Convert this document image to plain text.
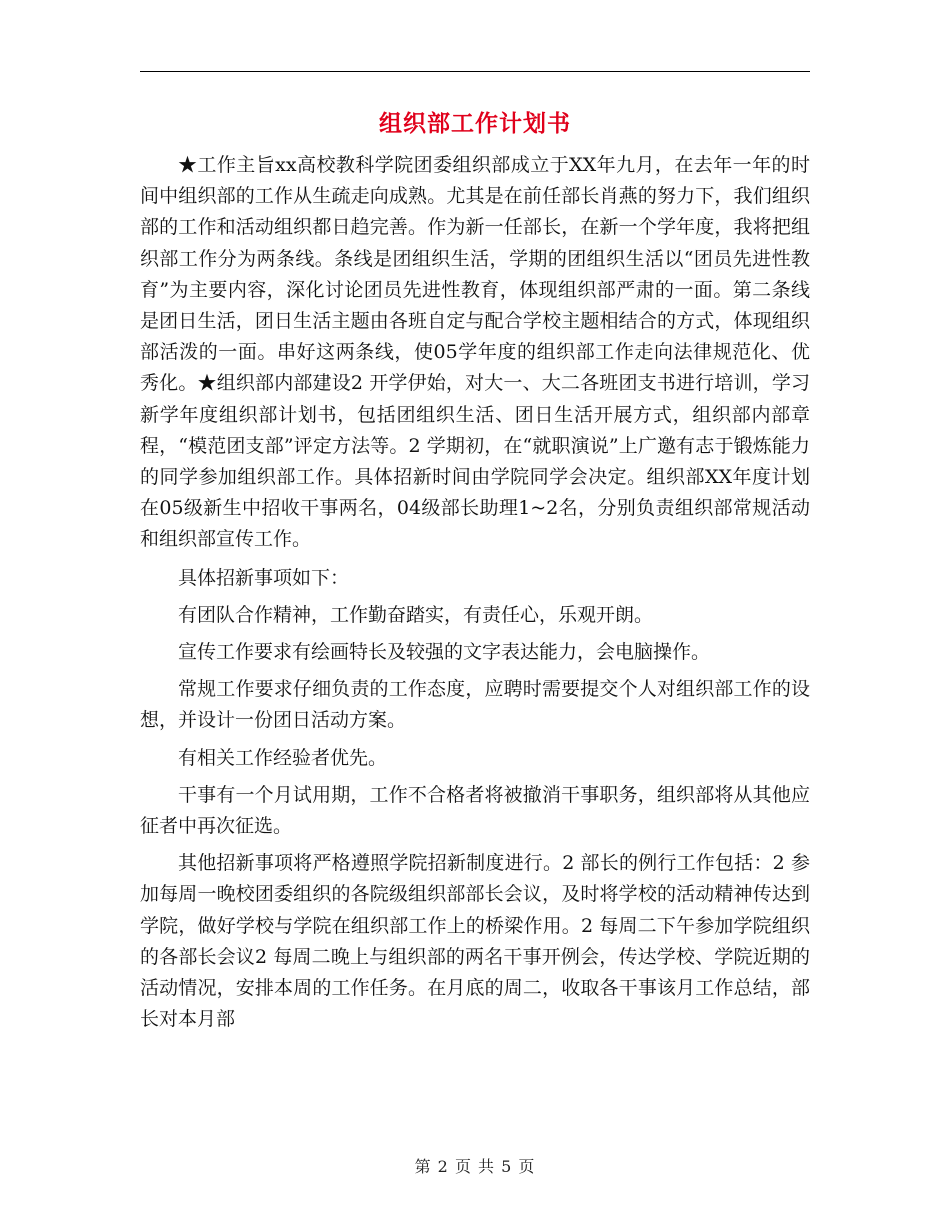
组织部工作计划书

★工作主旨xx高校教科学院团委组织部成立于XX年九月，在去年一年的时间中组织部的工作从生疏走向成熟。尤其是在前任部长肖燕的努力下，我们组织部的工作和活动组织都日趋完善。作为新一任部长，在新一个学年度，我将把组织部工作分为两条线。条线是团组织生活，学期的团组织生活以“团员先进性教育”为主要内容，深化讨论团员先进性教育，体现组织部严肃的一面。第二条线是团日生活，团日生活主题由各班自定与配合学校主题相结合的方式，体现组织部活泼的一面。串好这两条线，使05学年度的组织部工作走向法律规范化、优秀化。★组织部内部建设2 开学伊始，对大一、大二各班团支书进行培训，学习新学年度组织部计划书，包括团组织生活、团日生活开展方式，组织部内部章程，“模范团支部”评定方法等。2 学期初，在“就职演说”上广邀有志于锻炼能力的同学参加组织部工作。具体招新时间由学院同学会决定。组织部XX年度计划在05级新生中招收干事两名，04级部长助理1~2名，分别负责组织部常规活动和组织部宣传工作。

具体招新事项如下：

有团队合作精神，工作勤奋踏实，有责任心，乐观开朗。

宣传工作要求有绘画特长及较强的文字表达能力，会电脑操作。

常规工作要求仔细负责的工作态度，应聘时需要提交个人对组织部工作的设想，并设计一份团日活动方案。

有相关工作经验者优先。

干事有一个月试用期，工作不合格者将被撤消干事职务，组织部将从其他应征者中再次征选。

其他招新事项将严格遵照学院招新制度进行。2 部长的例行工作包括：2 参加每周一晚校团委组织的各院级组织部部长会议，及时将学校的活动精神传达到学院，做好学校与学院在组织部工作上的桥梁作用。2 每周二下午参加学院组织的各部长会议2 每周二晚上与组织部的两名干事开例会，传达学校、学院近期的活动情况，安排本周的工作任务。在月底的周二，收取各干事该月工作总结，部长对本月部

第 2 页 共 5 页
